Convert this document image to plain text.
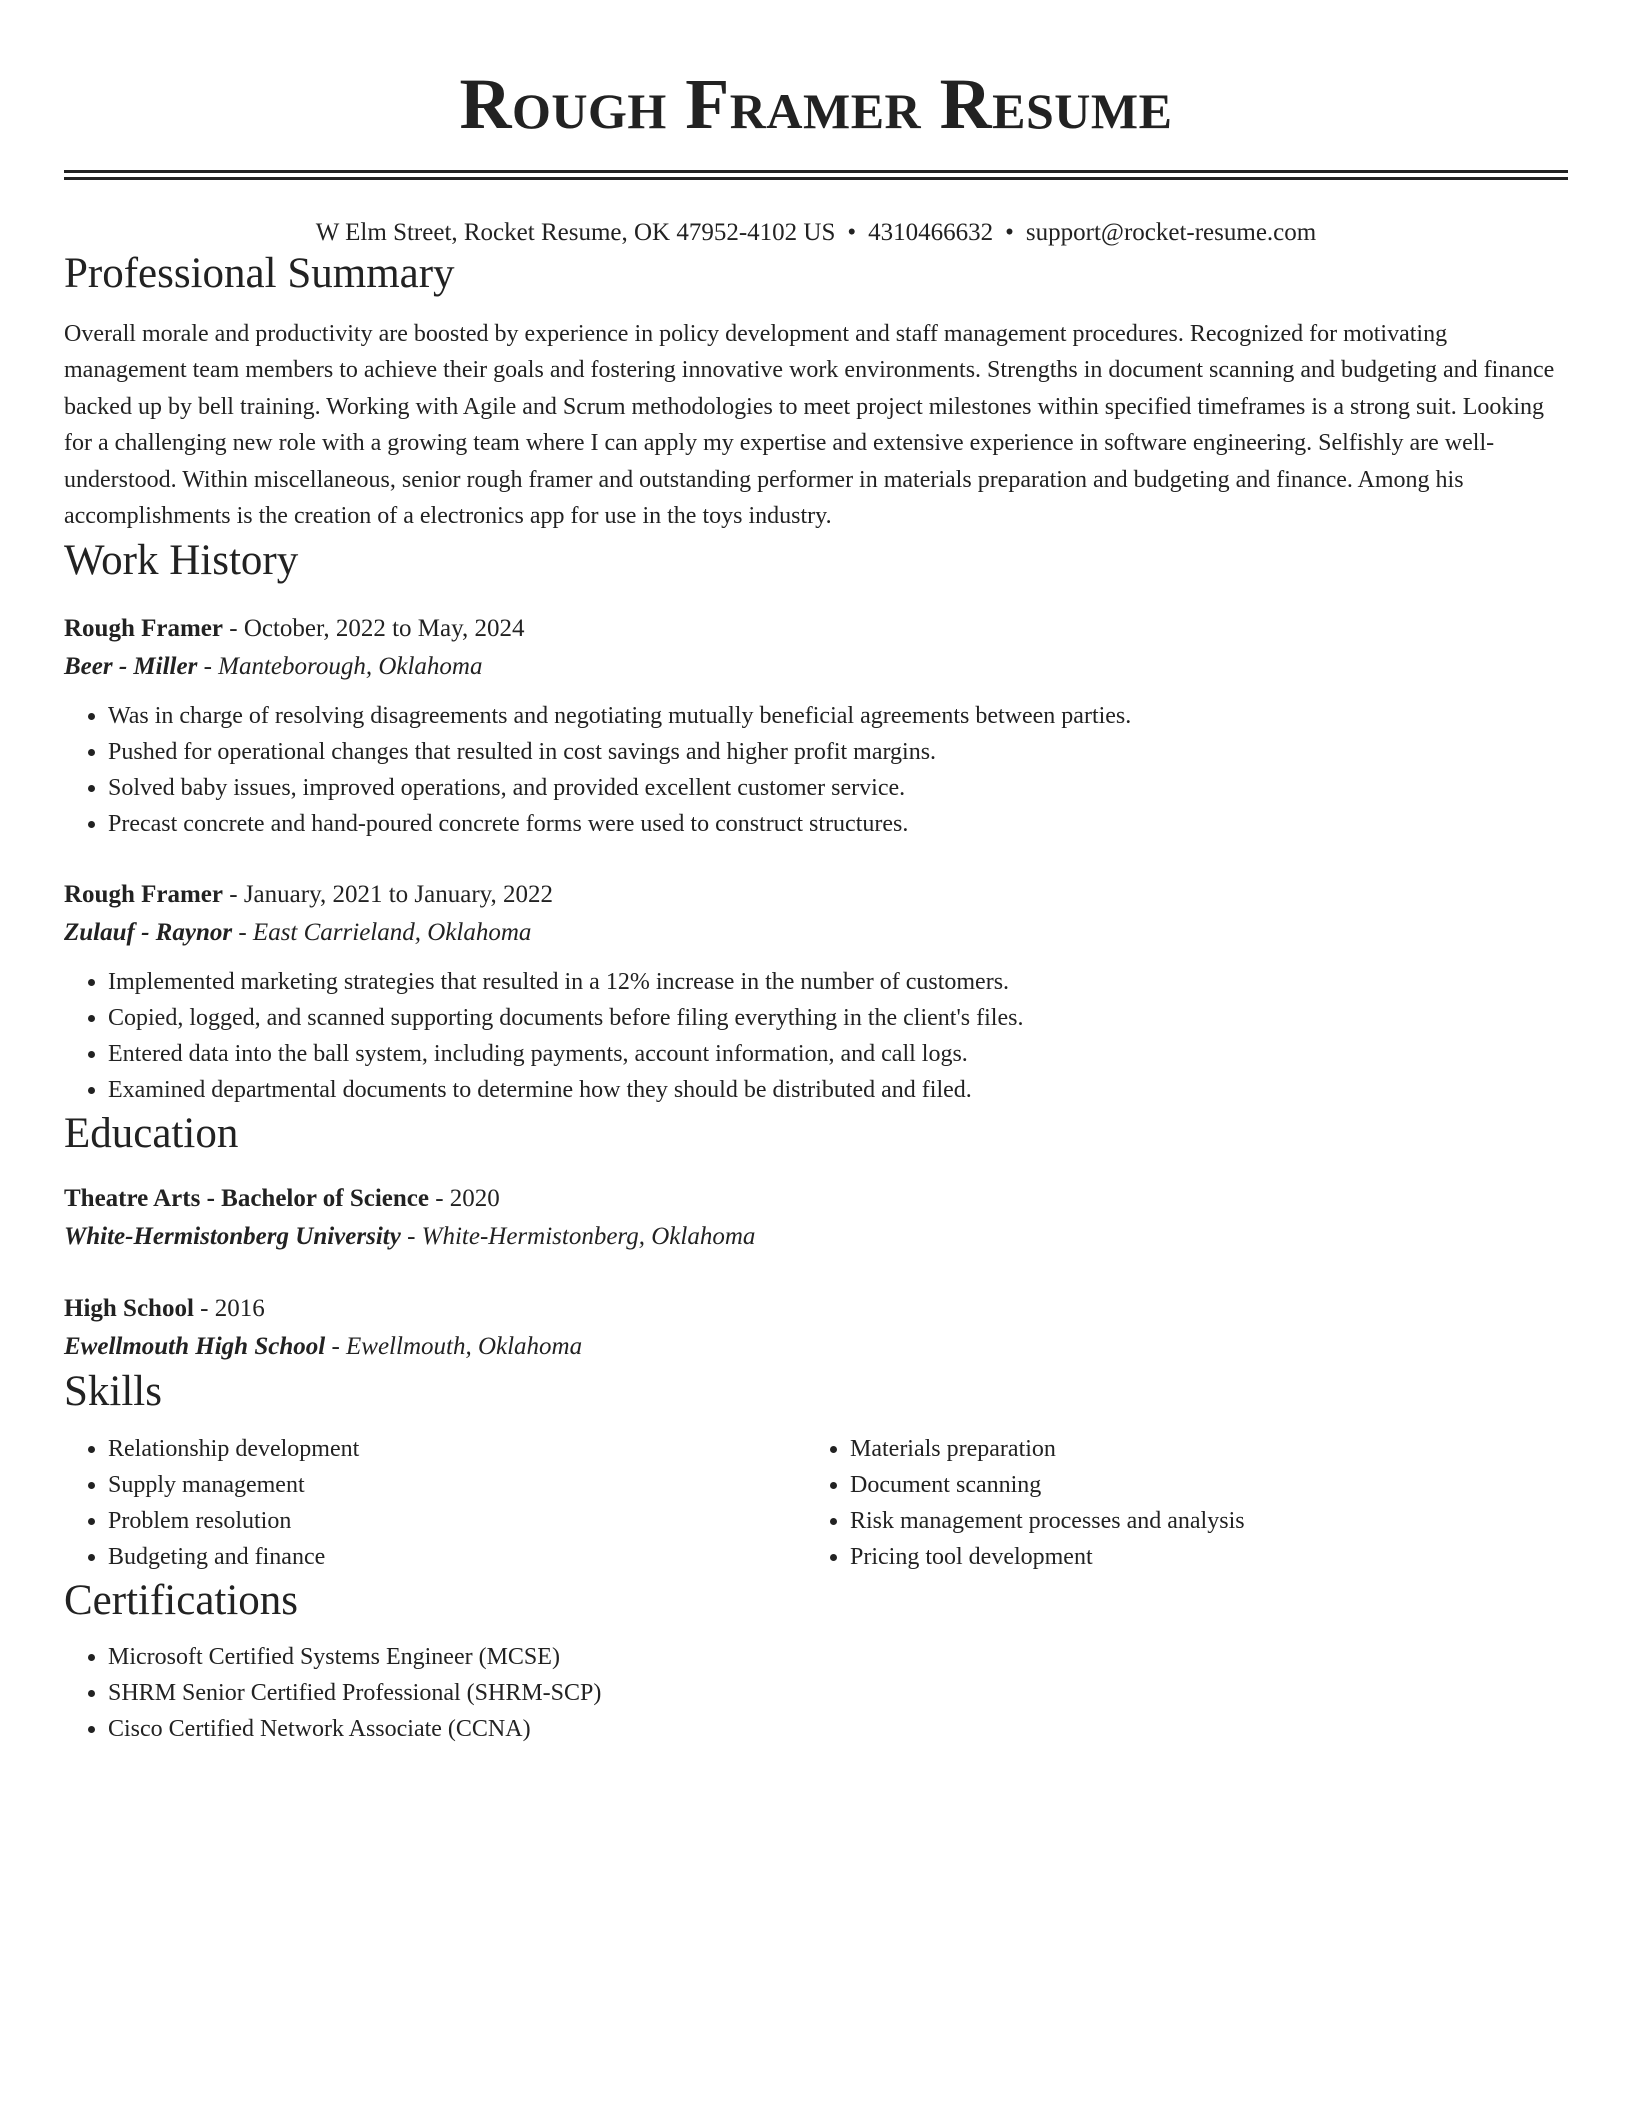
Rough Framer Resume
W Elm Street, Rocket Resume, OK 47952-4102 US • 4310466632 • support@rocket-resume.com
Professional Summary

Overall morale and productivity are boosted by experience in policy development and staff management procedures. Recognized for motivating management team members to achieve their goals and fostering innovative work environments. Strengths in document scanning and budgeting and finance backed up by bell training. Working with Agile and Scrum methodologies to meet project milestones within specified timeframes is a strong suit. Looking for a challenging new role with a growing team where I can apply my expertise and extensive experience in software engineering. Selfishly are well-understood. Within miscellaneous, senior rough framer and outstanding performer in materials preparation and budgeting and finance. Among his accomplishments is the creation of a electronics app for use in the toys industry.

Work History
Rough Framer - October, 2022 to May, 2024
Beer - Miller - Manteborough, Oklahoma
• Was in charge of resolving disagreements and negotiating mutually beneficial agreements between parties.
• Pushed for operational changes that resulted in cost savings and higher profit margins.
• Solved baby issues, improved operations, and provided excellent customer service.
• Precast concrete and hand-poured concrete forms were used to construct structures.
Rough Framer - January, 2021 to January, 2022
Zulauf - Raynor - East Carrieland, Oklahoma
• Implemented marketing strategies that resulted in a 12% increase in the number of customers.
• Copied, logged, and scanned supporting documents before filing everything in the client's files.
• Entered data into the ball system, including payments, account information, and call logs.
• Examined departmental documents to determine how they should be distributed and filed.
Education
Theatre Arts - Bachelor of Science - 2020
White-Hermistonberg University - White-Hermistonberg, Oklahoma
High School - 2016
Ewellmouth High School - Ewellmouth, Oklahoma
Skills
• Relationship development
• Supply management
• Problem resolution
• Budgeting and finance
• Materials preparation
• Document scanning
• Risk management processes and analysis
• Pricing tool development
Certifications
• Microsoft Certified Systems Engineer (MCSE)
• SHRM Senior Certified Professional (SHRM-SCP)
• Cisco Certified Network Associate (CCNA)
